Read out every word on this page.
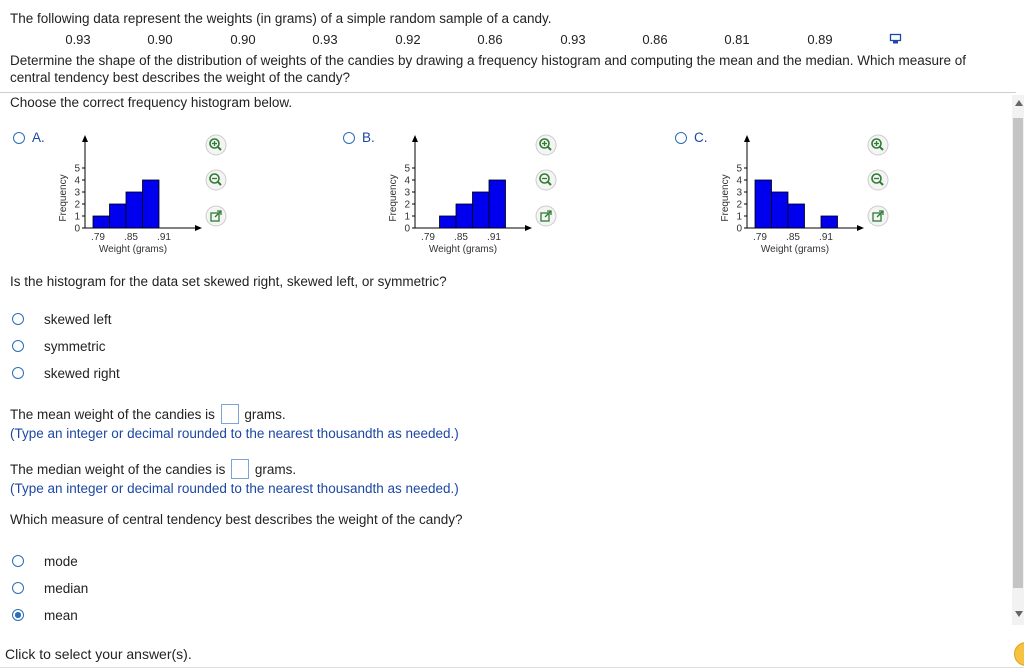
The following data represent the weights (in grams) of a simple random sample of a candy.
0.93	0.90	0.90	0.93	0.92	0.86	0.93	0.86	0.81	0.89
Determine the shape of the distribution of weights of the candies by drawing a frequency histogram and computing the mean and the median. Which measure of
central tendency best describes the weight of the candy?
Choose the correct frequency histogram below.
A.
0
1
2
3
4
5
Frequency
.79 .85 .91
Weight (grams)
B.
0
1
2
3
4
5
Frequency
.79 .85 .91
Weight (grams)
C.
0
1
2
3
4
5
Frequency
.79 .85 .91
Weight (grams)
Is the histogram for the data set skewed right, skewed left, or symmetric?
skewed left
symmetric
skewed right
The mean weight of the candies is grams.
(Type an integer or decimal rounded to the nearest thousandth as needed.)
The median weight of the candies is grams.
(Type an integer or decimal rounded to the nearest thousandth as needed.)
Which measure of central tendency best describes the weight of the candy?
mode
median
mean
Click to select your answer(s).
